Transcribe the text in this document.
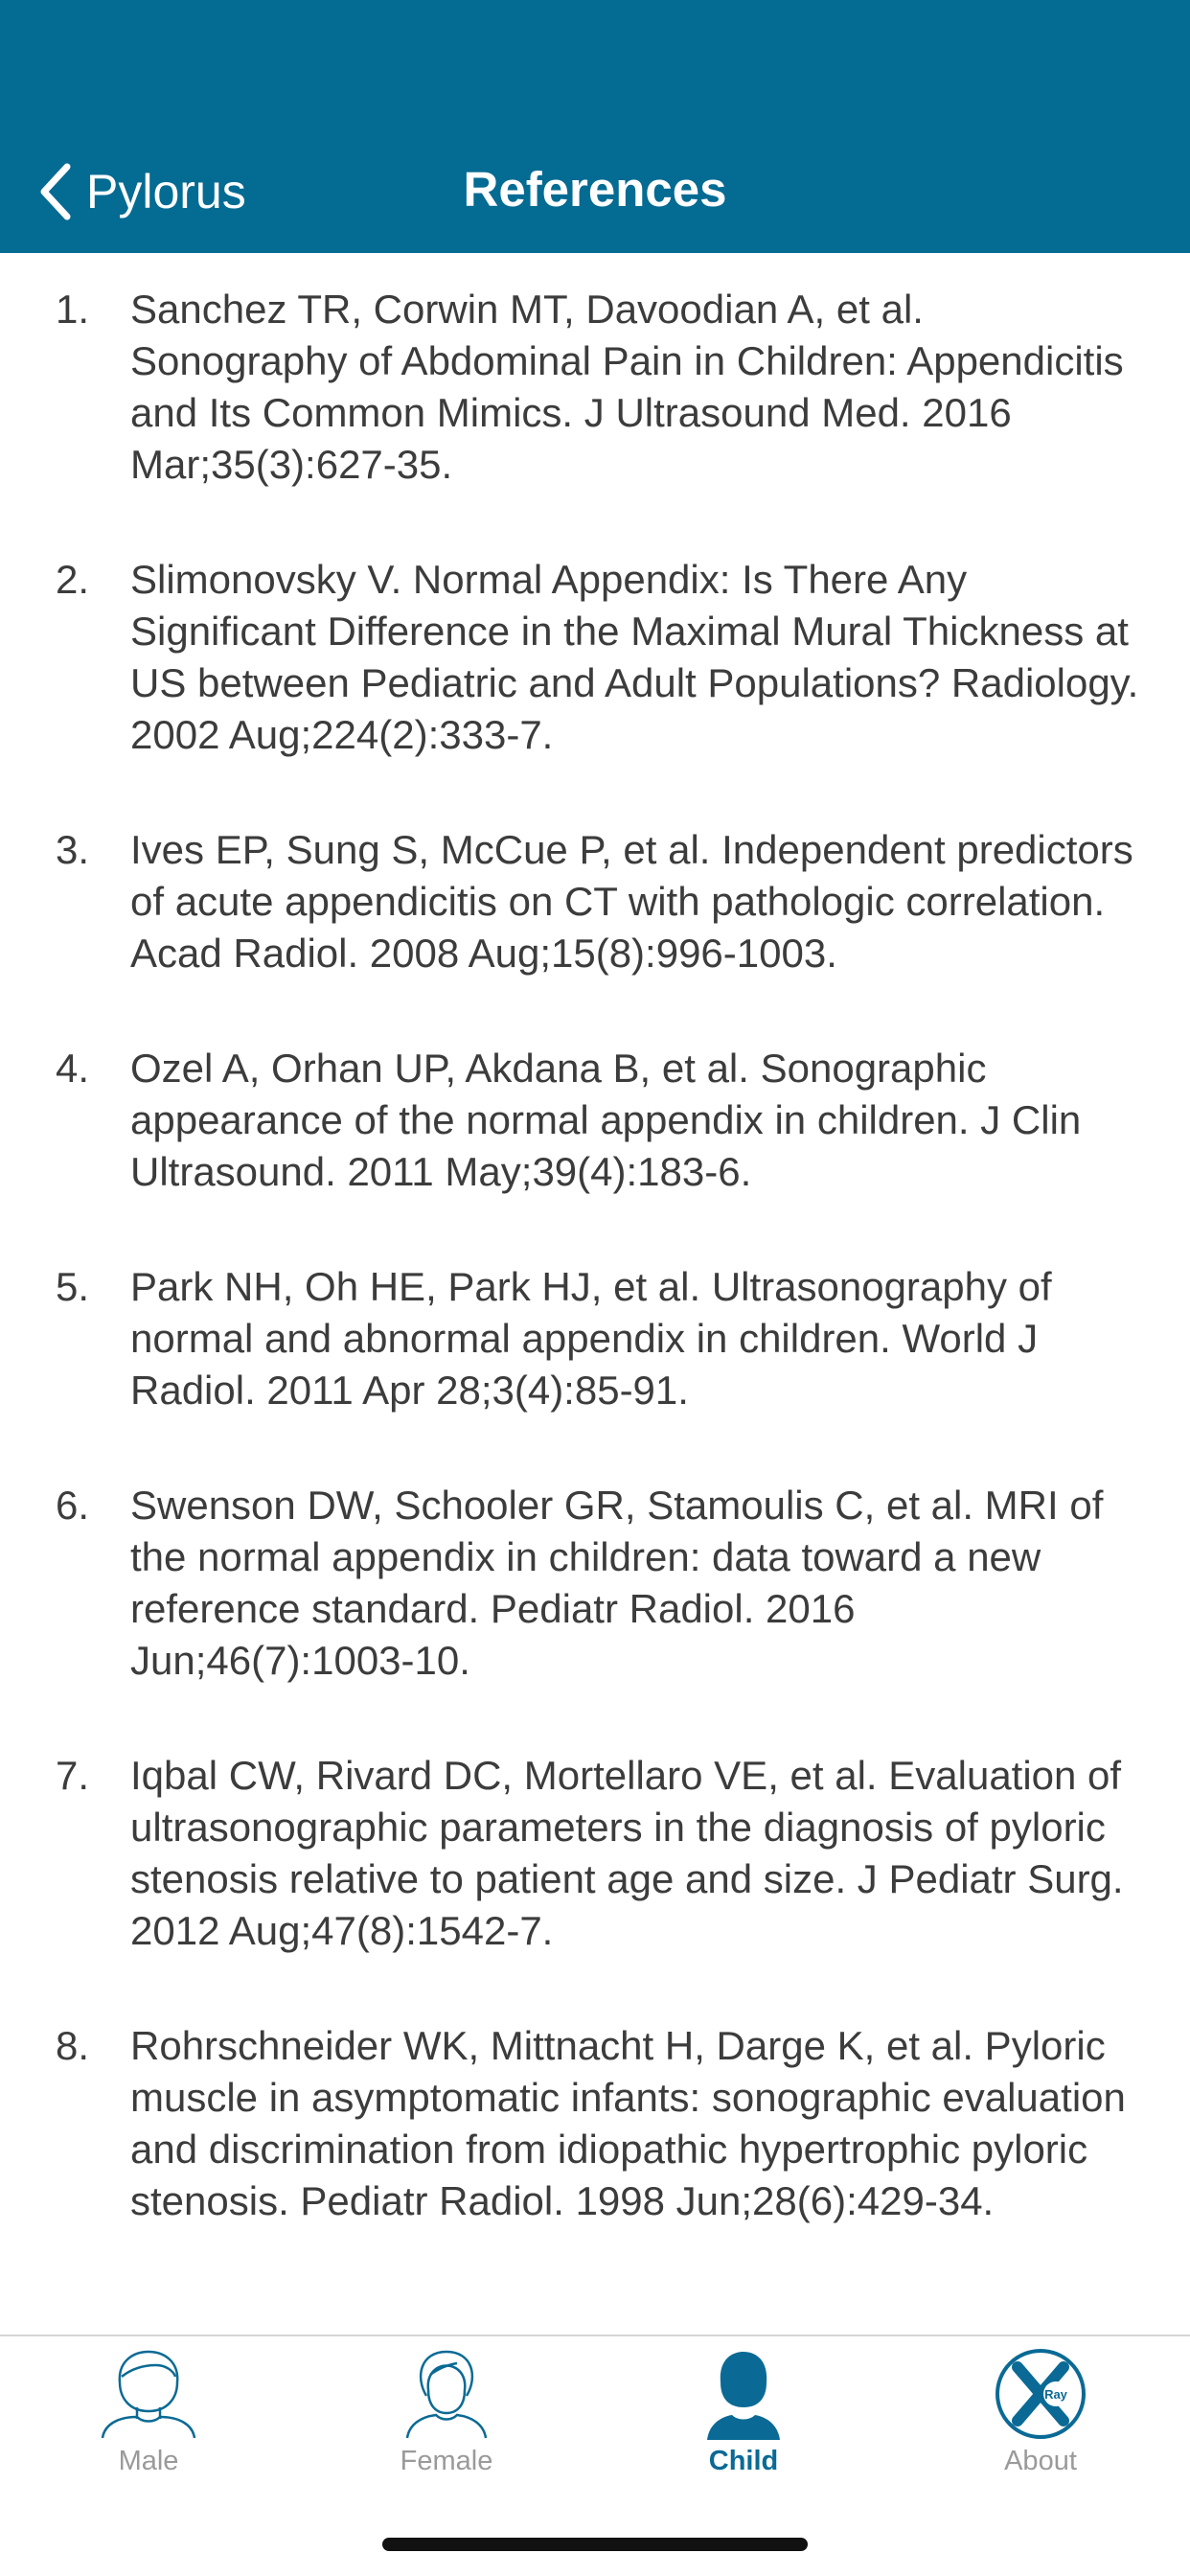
Pylorus	References
1. Sanchez TR, Corwin MT, Davoodian A, et al. Sonography of Abdominal Pain in Children: Appendicitis and Its Common Mimics. J Ultrasound Med. 2016 Mar;35(3):627-35.
2. Slimonovsky V. Normal Appendix: Is There Any Significant Difference in the Maximal Mural Thickness at US between Pediatric and Adult Populations? Radiology. 2002 Aug;224(2):333-7.
3. Ives EP, Sung S, McCue P, et al. Independent predictors of acute appendicitis on CT with pathologic correlation. Acad Radiol. 2008 Aug;15(8):996-1003.
4. Ozel A, Orhan UP, Akdana B, et al. Sonographic appearance of the normal appendix in children. J Clin Ultrasound. 2011 May;39(4):183-6.
5. Park NH, Oh HE, Park HJ, et al. Ultrasonography of normal and abnormal appendix in children. World J Radiol. 2011 Apr 28;3(4):85-91.
6. Swenson DW, Schooler GR, Stamoulis C, et al. MRI of the normal appendix in children: data toward a new reference standard. Pediatr Radiol. 2016 Jun;46(7):1003-10.
7. Iqbal CW, Rivard DC, Mortellaro VE, et al. Evaluation of ultrasonographic parameters in the diagnosis of pyloric stenosis relative to patient age and size. J Pediatr Surg. 2012 Aug;47(8):1542-7.
8. Rohrschneider WK, Mittnacht H, Darge K, et al. Pyloric muscle in asymptomatic infants: sonographic evaluation and discrimination from idiopathic hypertrophic pyloric stenosis. Pediatr Radiol. 1998 Jun;28(6):429-34.
Male	Female	Child
Ray
About
